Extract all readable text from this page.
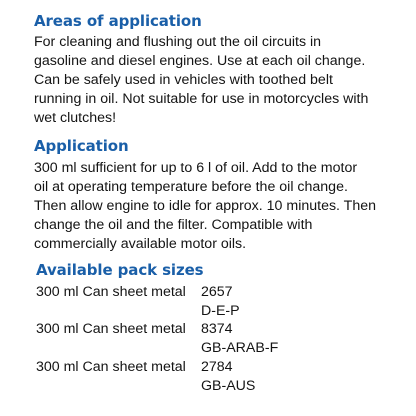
Areas of application
For cleaning and flushing out the oil circuits in
gasoline and diesel engines. Use at each oil change.
Can be safely used in vehicles with toothed belt
running in oil. Not suitable for use in motorcycles with
wet clutches!
Application
300 ml sufficient for up to 6 l of oil. Add to the motor
oil at operating temperature before the oil change.
Then allow engine to idle for approx. 10 minutes. Then
change the oil and the filter. Compatible with
commercially available motor oils.
Available pack sizes
300 ml Can sheet metal 2657
D-E-P
300 ml Can sheet metal 8374
GB-ARAB-F
300 ml Can sheet metal 2784
GB-AUS
